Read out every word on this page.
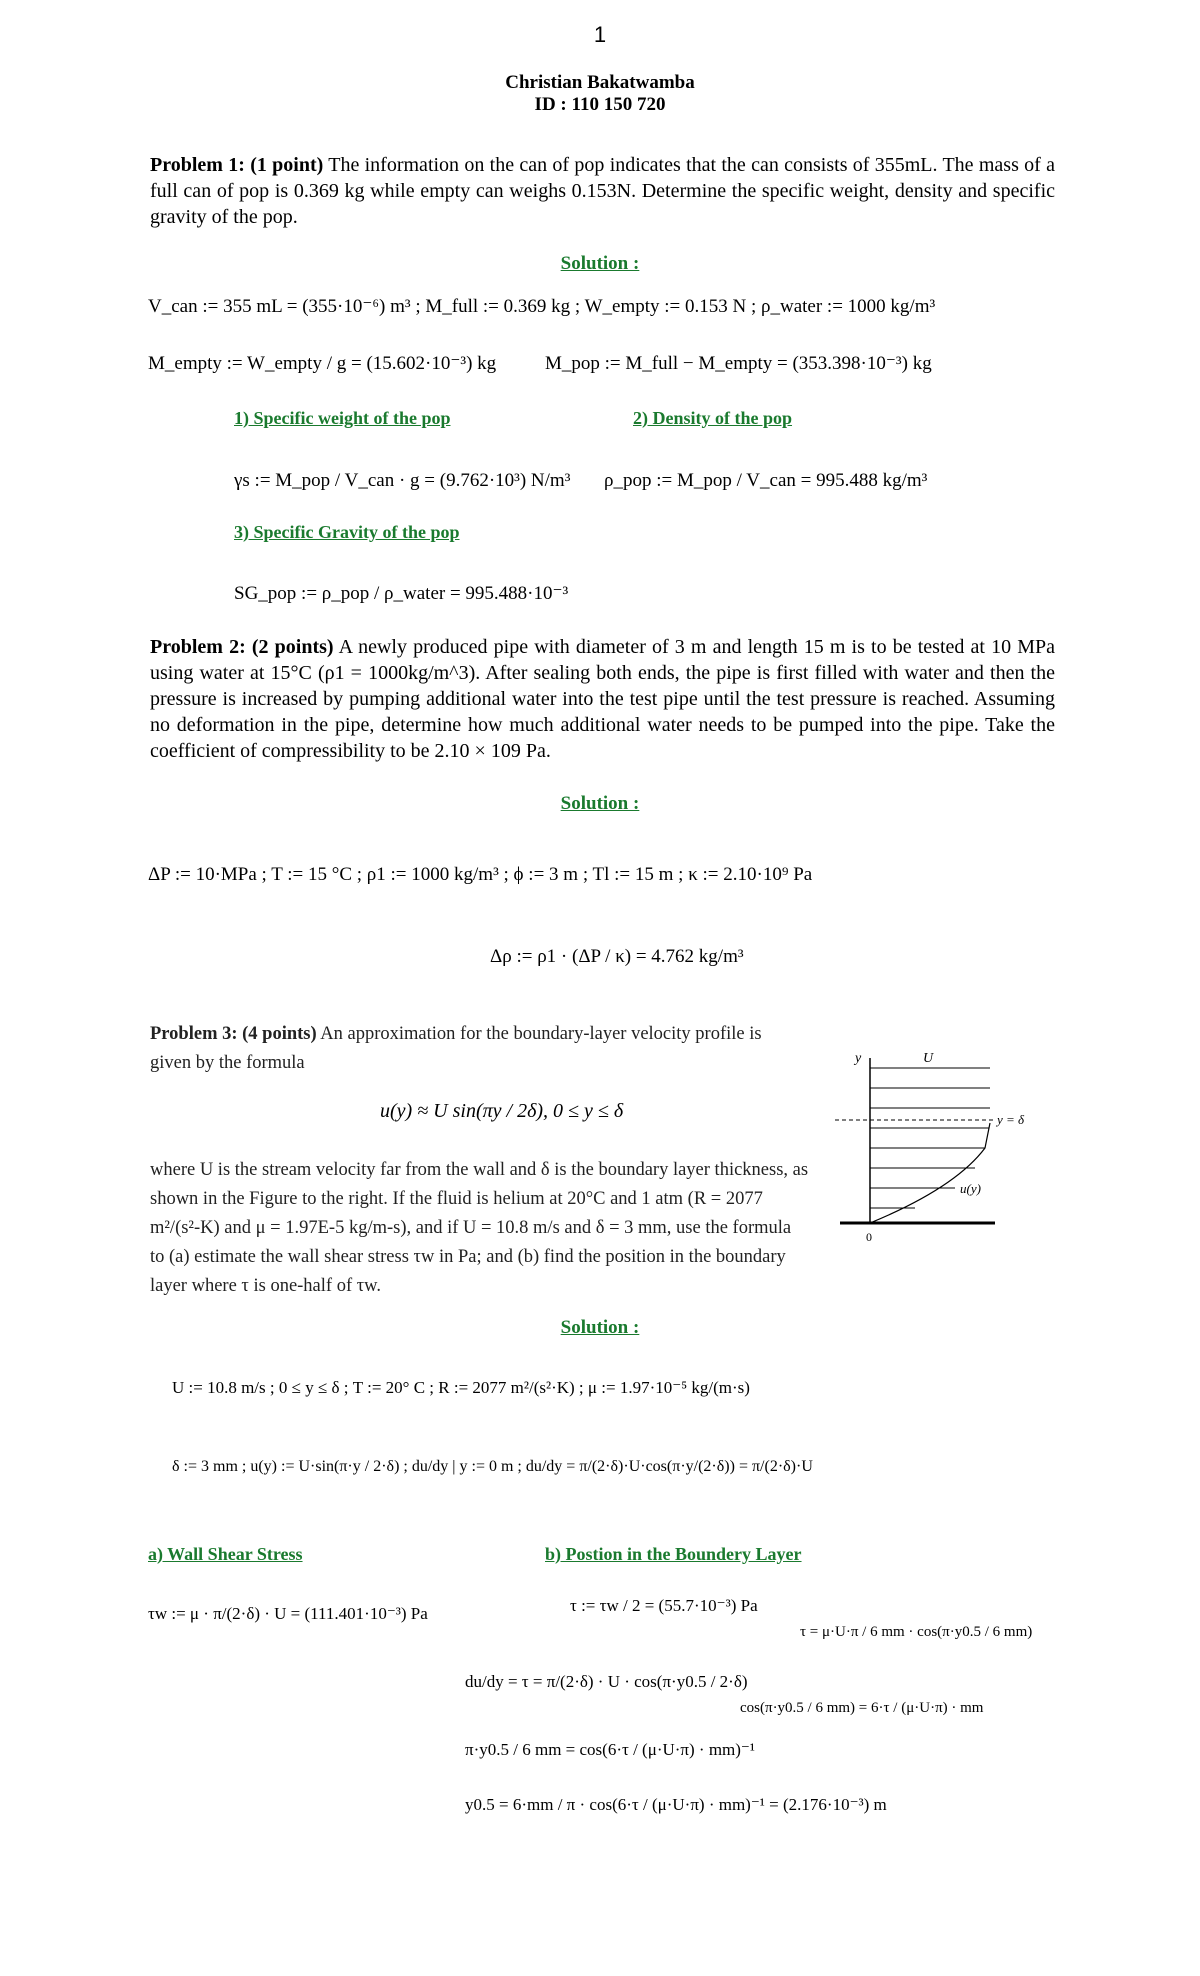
1
Christian Bakatwamba
ID : 110 150 720
Problem 1: (1 point) The information on the can of pop indicates that the can consists of 355mL. The mass of a full can of pop is 0.369 kg while empty can weighs 0.153N. Determine the specific weight, density and specific gravity of the pop.
Solution :
V_can := 355 mL = (355·10⁻⁶) m³ ; M_full := 0.369 kg ; W_empty := 0.153 N ; ρ_water := 1000 kg/m³
M_empty := W_empty / g = (15.602·10⁻³) kg	M_pop := M_full − M_empty = (353.398·10⁻³) kg
1) Specific weight of the pop	2) Density of the pop
γs := M_pop / V_can · g = (9.762·10³) N/m³ ρ_pop := M_pop / V_can = 995.488 kg/m³
3) Specific Gravity of the pop
SG_pop := ρ_pop / ρ_water = 995.488·10⁻³
Problem 2: (2 points) A newly produced pipe with diameter of 3 m and length 15 m is to be tested at 10 MPa using water at 15°C (ρ1 = 1000kg/m^3). After sealing both ends, the pipe is first filled with water and then the pressure is increased by pumping additional water into the test pipe until the test pressure is reached. Assuming no deformation in the pipe, determine how much additional water needs to be pumped into the pipe. Take the coefficient of compressibility to be 2.10 × 109 Pa.
Solution :
ΔP := 10·MPa ; T := 15 °C ; ρ1 := 1000 kg/m³ ; ϕ := 3 m ; Tl := 15 m ; κ := 2.10·10⁹ Pa
Δρ := ρ1 · (ΔP / κ) = 4.762 kg/m³
Problem 3: (4 points) An approximation for the boundary-layer velocity profile is given by the formula
u(y) ≈ U sin(πy / 2δ), 0 ≤ y ≤ δ
where U is the stream velocity far from the wall and δ is the boundary layer thickness, as shown in the Figure to the right. If the fluid is helium at 20°C and 1 atm (R = 2077 m²/(s²-K) and μ = 1.97E-5 kg/m-s), and if U = 10.8 m/s and δ = 3 mm, use the formula to (a) estimate the wall shear stress τw in Pa; and (b) find the position in the boundary layer where τ is one-half of τw.
y	U
y = δ
u(y)
0
Solution :
U := 10.8 m/s ; 0 ≤ y ≤ δ ; T := 20° C ; R := 2077 m²/(s²·K) ; μ := 1.97·10⁻⁵ kg/(m·s)
δ := 3 mm ; u(y) := U·sin(π·y / 2·δ) ; du/dy | y := 0 m ; du/dy = π/(2·δ)·U·cos(π·y/(2·δ)) = π/(2·δ)·U
a) Wall Shear Stress	b) Postion in the Boundery Layer
τw := μ · π/(2·δ) · U = (111.401·10⁻³) Pa	τ := τw / 2 = (55.7·10⁻³) Pa
τ = μ·U·π / 6 mm · cos(π·y0.5 / 6 mm)
du/dy = τ = π/(2·δ) · U · cos(π·y0.5 / 2·δ)
cos(π·y0.5 / 6 mm) = 6·τ / (μ·U·π) · mm
π·y0.5 / 6 mm = cos(6·τ / (μ·U·π) · mm)⁻¹
y0.5 = 6·mm / π · cos(6·τ / (μ·U·π) · mm)⁻¹ = (2.176·10⁻³) m
